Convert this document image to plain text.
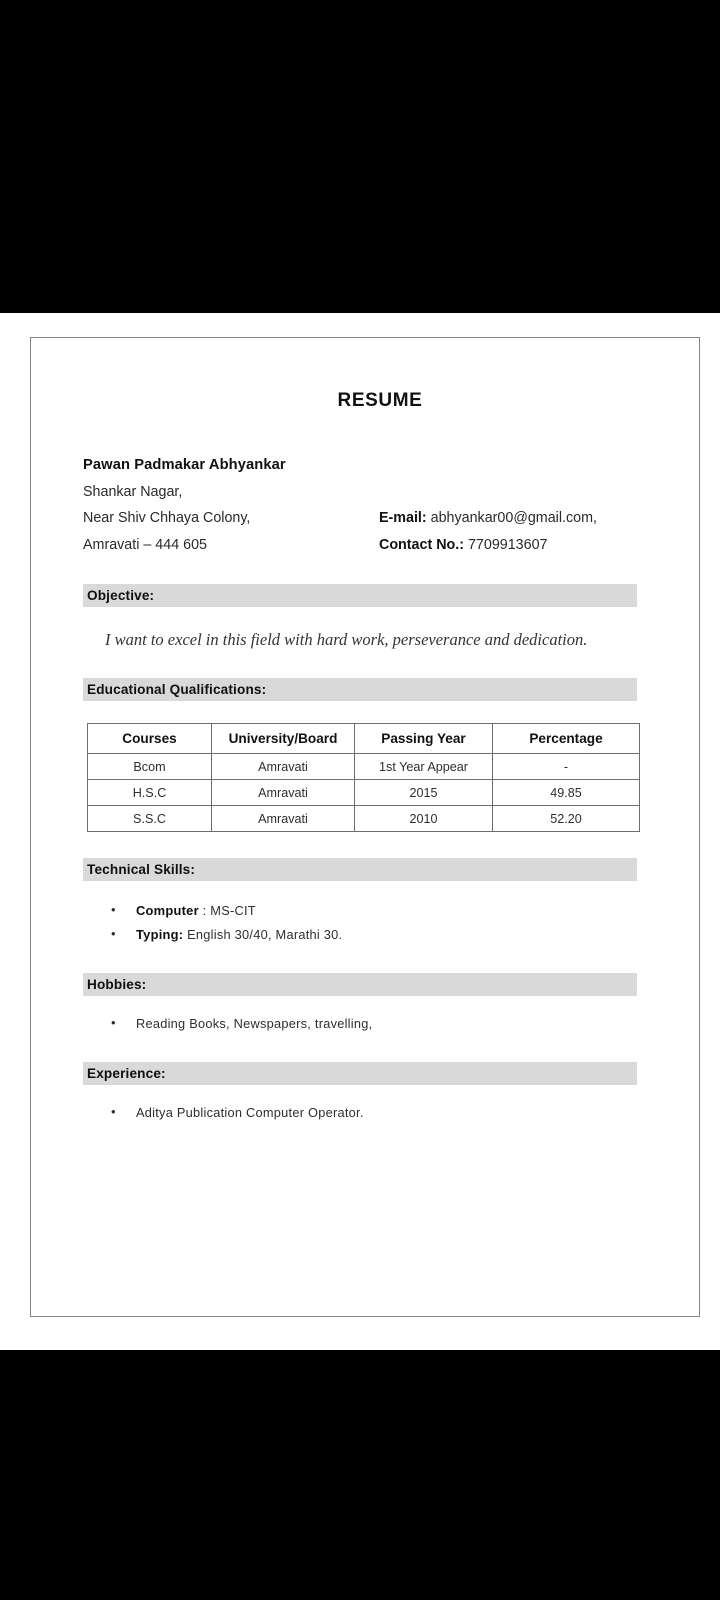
RESUME
Pawan Padmakar Abhyankar
Shankar Nagar,
Near Shiv Chhaya Colony,
Amravati – 444 605
E-mail: abhyankar00@gmail.com,
Contact No.: 7709913607
Objective:

I want to excel in this field with hard work, perseverance and dedication.

Educational Qualifications:
Courses	University/Board	Passing Year	Percentage
Bcom	Amravati	1st Year Appear	-
H.S.C	Amravati	2015	49.85
S.S.C	Amravati	2010	52.20
Technical Skills:
• Computer : MS-CIT
• Typing: English 30/40, Marathi 30.
Hobbies:
• Reading Books, Newspapers, travelling,
Experience:
• Aditya Publication Computer Operator.
